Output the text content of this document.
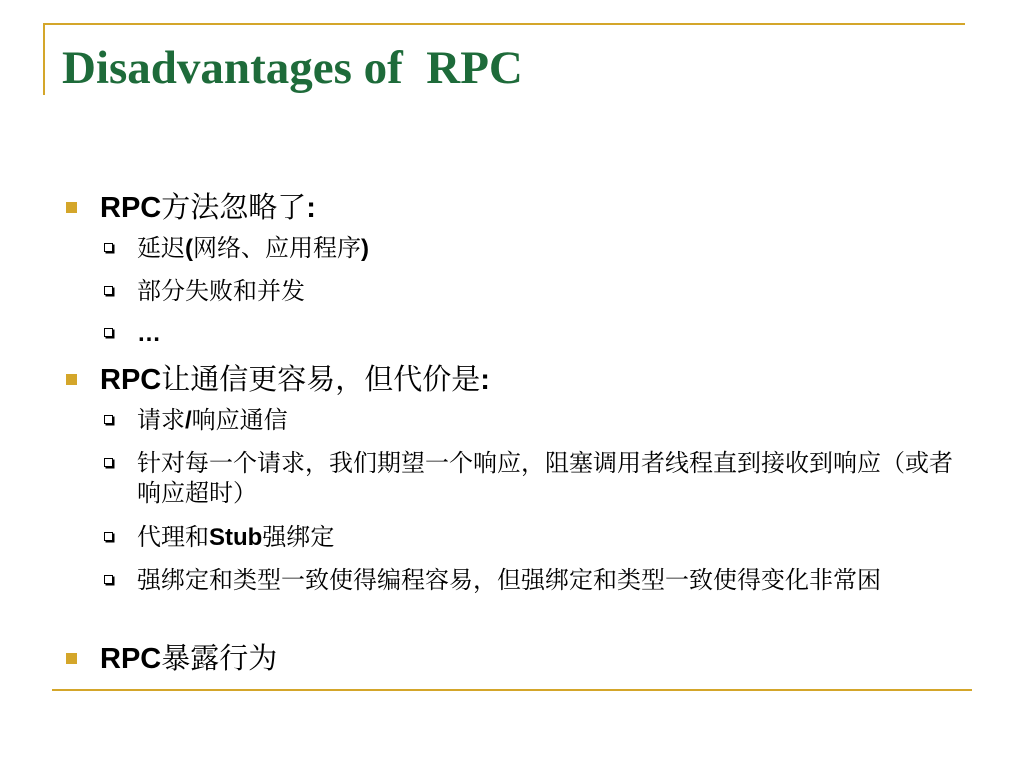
Disadvantages of  RPC
RPC方法忽略了:
延迟(网络、应用程序)
部分失败和并发
…
RPC让通信更容易，但代价是:
请求/响应通信
针对每一个请求，我们期望一个响应，阻塞调用者线程直到接收到响应（或者响应超时）
代理和Stub强绑定
强绑定和类型一致使得编程容易，但强绑定和类型一致使得变化非常困
RPC暴露行为
